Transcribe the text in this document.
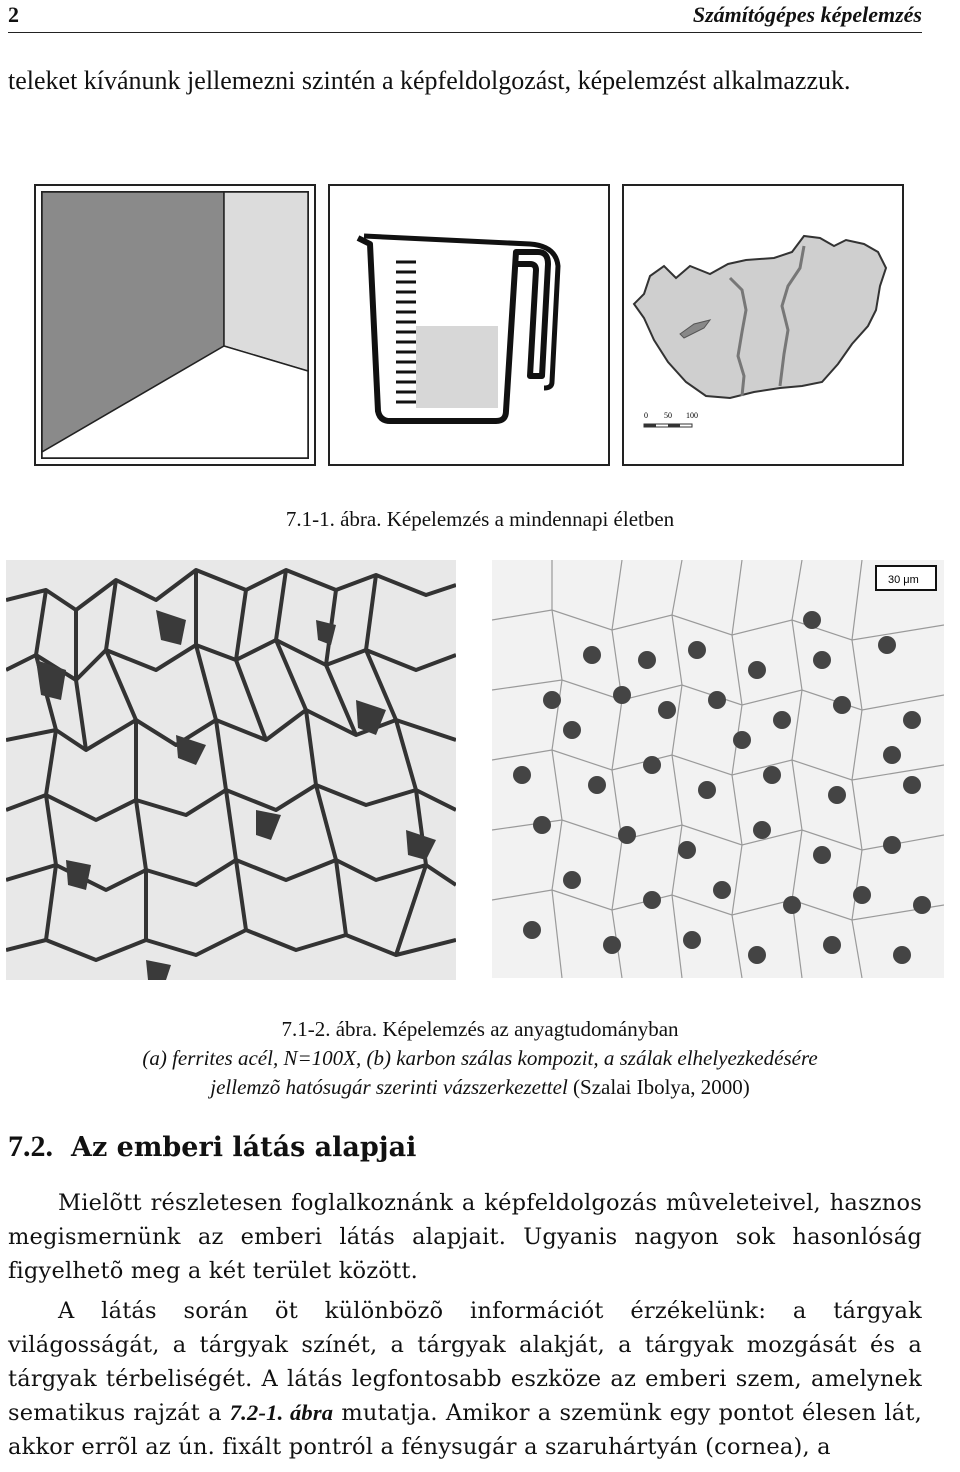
2	Számítógépes képelemzés

teleket kívánunk jellemezni szintén a képfeldolgozást, képelemzést alkalmazzuk.

0 50 100
7.1-1. ábra. Képelemzés a mindennapi életben
30 μm
7.1-2. ábra. Képelemzés az anyagtudományban
(a) ferrites acél, N=100X, (b) karbon szálas kompozit, a szálak elhelyezkedésére
jellemzõ hatósugár szerinti vázszerkezettel (Szalai Ibolya, 2000)
7.2. Az emberi látás alapjai

Mielõtt részletesen foglalkoznánk a képfeldolgozás mûveleteivel, hasznos megismernünk az emberi látás alapjait. Ugyanis nagyon sok hasonlóság figyelhetõ meg a két terület között.

A látás során öt különbözõ információt érzékelünk: a tárgyak világosságát, a tárgyak színét, a tárgyak alakját, a tárgyak mozgását és a tárgyak térbeliségét. A látás legfontosabb eszköze az emberi szem, amelynek sematikus rajzát a 7.2-1. ábra mutatja. Amikor a szemünk egy pontot élesen lát, akkor errõl az ún. fixált pontról a fénysugár a szaruhártyán (cornea), a
